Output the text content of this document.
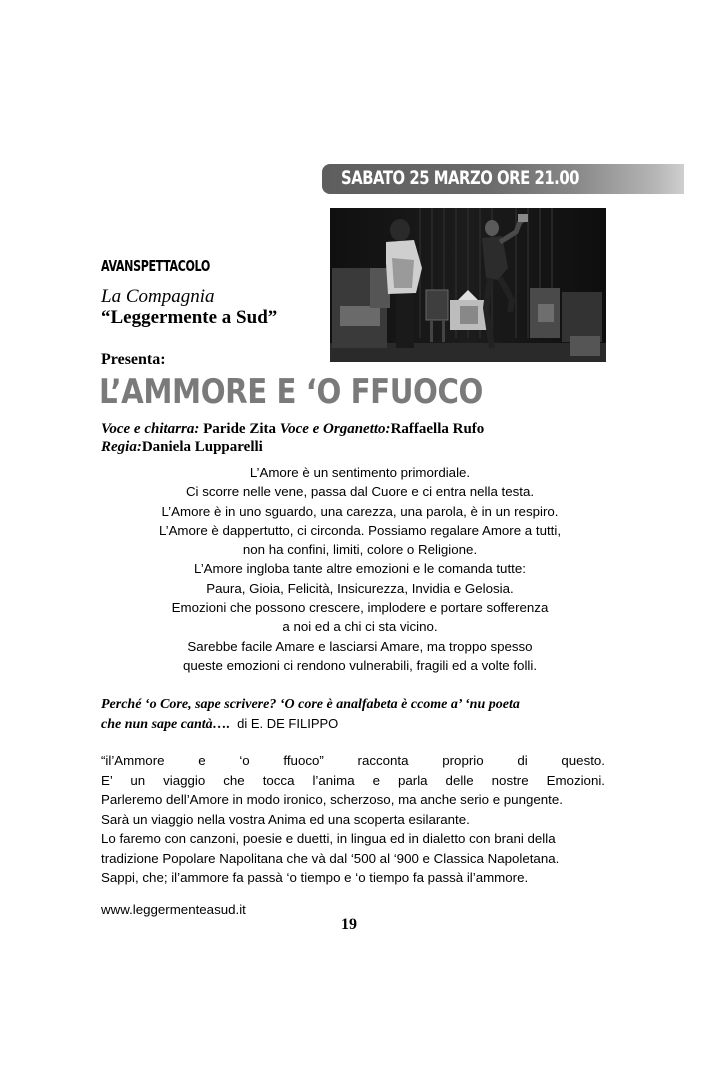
SABATO 25 MARZO ORE 21.00
AVANSPETTACOLO
La Compagnia
“Leggermente a Sud”
Presenta:
L’AMMORE E ‘O FFUOCO
Voce e chitarra: Paride Zita Voce e Organetto:Raffaella Rufo
Regia:Daniela Lupparelli
L’Amore è un sentimento primordiale.
Ci scorre nelle vene, passa dal Cuore e ci entra nella testa.
L’Amore è in uno sguardo, una carezza, una parola, è in un respiro.
L’Amore è dappertutto, ci circonda. Possiamo regalare Amore a tutti,
non ha confini, limiti, colore o Religione.
L’Amore ingloba tante altre emozioni e le comanda tutte:
Paura, Gioia, Felicità, Insicurezza, Invidia e Gelosia.
Emozioni che possono crescere, implodere e portare sofferenza
a noi ed a chi ci sta vicino.
Sarebbe facile Amare e lasciarsi Amare, ma troppo spesso
queste emozioni ci rendono vulnerabili, fragili ed a volte folli.
Perché ‘o Core, sape scrivere? ‘O core è analfabeta è ccome a’ ‘nu poeta
che nun sape cantà…. di E. DE FILIPPO
“il’Ammore e ‘o ffuoco” racconta proprio di questo.
E’ un viaggio che tocca l’anima e parla delle nostre Emozioni.
Parleremo dell’Amore in modo ironico, scherzoso, ma anche serio e pungente.
Sarà un viaggio nella vostra Anima ed una scoperta esilarante.
Lo faremo con canzoni, poesie e duetti, in lingua ed in dialetto con brani della
tradizione Popolare Napolitana che và dal ‘500 al ‘900 e Classica Napoletana.
Sappi, che; il’ammore fa passà ‘o tiempo e ‘o tiempo fa passà il’ammore.
www.leggermenteasud.it
19
